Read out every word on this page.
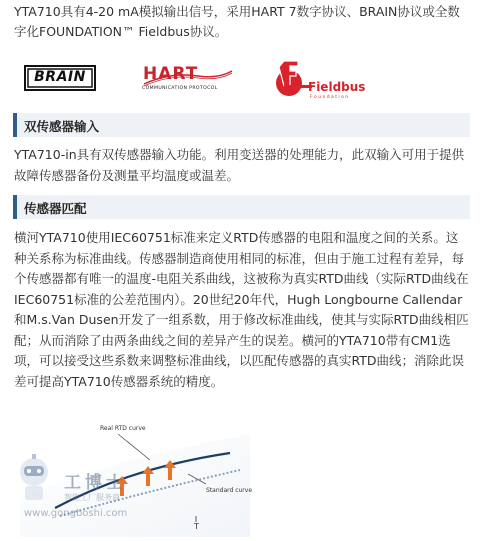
YTA710具有4-20 mA模拟输出信号，采用HART 7数字协议、BRAIN协议或全数字化FOUNDATION™ Fieldbus协议。
BRAIN	HART
COMMUNICATION PROTOCOL	Fieldbus
F o u n d a t i o n
双传感器输入
YTA710-in具有双传感器输入功能。利用变送器的处理能力，此双输入可用于提供故障传感器备份及测量平均温度或温差。
传感器匹配
横河YTA710使用IEC60751标准来定义RTD传感器的电阻和温度之间的关系。这种关系称为标准曲线。传感器制造商使用相同的标准，但由于施工过程有差异，每个传感器都有唯一的温度-电阻关系曲线，这被称为真实RTD曲线（实际RTD曲线在IEC60751标准的公差范围内）。20世纪20年代，Hugh Longbourne Callendar和M.s.Van Dusen开发了一组系数，用于修改标准曲线，使其与实际RTD曲线相匹配；从而消除了由两条曲线之间的差异产生的误差。横河的YTA710带有CM1选项，可以接受这些系数来调整标准曲线，以匹配传感器的真实RTD曲线；消除此误差可提高YTA710传感器系统的精度。
Real RTD curve
Standard curve
T
工博士
智能工厂服务商
www.gongboshi.com
